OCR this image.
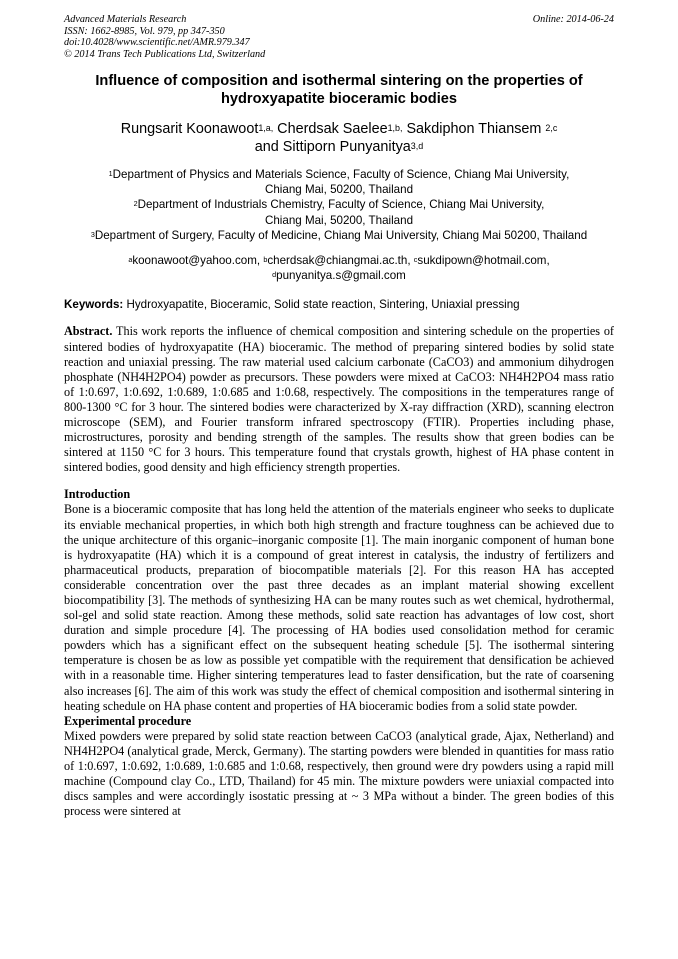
Advanced Materials Research	Online: 2014-06-24
ISSN: 1662-8985, Vol. 979, pp 347-350
doi:10.4028/www.scientific.net/AMR.979.347
© 2014 Trans Tech Publications Ltd, Switzerland
Influence of composition and isothermal sintering on the properties of
hydroxyapatite bioceramic bodies
Rungsarit Koonawoot$^{1,a,}$ Cherdsak Saelee$^{1,b,}$ Sakdiphon Thiansem $^{2,c}$
and Sittiporn Punyanitya$^{3,d}$
$^1$Department of Physics and Materials Science, Faculty of Science, Chiang Mai University,
Chiang Mai, 50200, Thailand
$^2$Department of Industrials Chemistry, Faculty of Science, Chiang Mai University,
Chiang Mai, 50200, Thailand
$^3$Department of Surgery, Faculty of Medicine, Chiang Mai University, Chiang Mai 50200, Thailand
$^a$koonawoot@yahoo.com, $^b$cherdsak@chiangmai.ac.th, $^c$sukdipown@hotmail.com,
$^d$punyanitya.s@gmail.com
Keywords: Hydroxyapatite, Bioceramic, Solid state reaction, Sintering, Uniaxial pressing
Abstract. This work reports the influence of chemical composition and sintering schedule on the properties of sintered bodies of hydroxyapatite (HA) bioceramic. The method of preparing sintered bodies by solid state reaction and uniaxial pressing. The raw material used calcium carbonate (CaCO3) and ammonium dihydrogen phosphate (NH4H2PO4) powder as precursors. These powders were mixed at CaCO3: NH4H2PO4 mass ratio of 1:0.697, 1:0.692, 1:0.689, 1:0.685 and 1:0.68, respectively. The compositions in the temperatures range of 800-1300 °C for 3 hour. The sintered bodies were characterized by X-ray diffraction (XRD), scanning electron microscope (SEM), and Fourier transform infrared spectroscopy (FTIR). Properties including phase, microstructures, porosity and bending strength of the samples. The results show that green bodies can be sintered at 1150 °C for 3 hours. This temperature found that crystals growth, highest of HA phase content in sintered bodies, good density and high efficiency strength properties.
Introduction
Bone is a bioceramic composite that has long held the attention of the materials engineer who seeks to duplicate its enviable mechanical properties, in which both high strength and fracture toughness can be achieved due to the unique architecture of this organic–inorganic composite [1]. The main inorganic component of human bone is hydroxyapatite (HA) which it is a compound of great interest in catalysis, the industry of fertilizers and pharmaceutical products, preparation of biocompatible materials [2]. For this reason HA has accepted considerable concentration over the past three decades as an implant material showing excellent biocompatibility [3]. The methods of synthesizing HA can be many routes such as wet chemical, hydrothermal, sol-gel and solid state reaction. Among these methods, solid sate reaction has advantages of low cost, short duration and simple procedure [4]. The processing of HA bodies used consolidation method for ceramic powders which has a significant effect on the subsequent heating schedule [5]. The isothermal sintering temperature is chosen be as low as possible yet compatible with the requirement that densification be achieved with in a reasonable time. Higher sintering temperatures lead to faster densification, but the rate of coarsening also increases [6]. The aim of this work was study the effect of chemical composition and isothermal sintering in heating schedule on HA phase content and properties of HA bioceramic bodies from a solid state powder.
Experimental procedure
Mixed powders were prepared by solid state reaction between CaCO3 (analytical grade, Ajax, Netherland) and NH4H2PO4 (analytical grade, Merck, Germany). The starting powders were blended in quantities for mass ratio of 1:0.697, 1:0.692, 1:0.689, 1:0.685 and 1:0.68, respectively, then ground were dry powders using a rapid mill machine (Compound clay Co., LTD, Thailand) for 45 min. The mixture powders were uniaxial compacted into discs samples and were accordingly isostatic pressing at ~ 3 MPa without a binder. The green bodies of this process were sintered at
